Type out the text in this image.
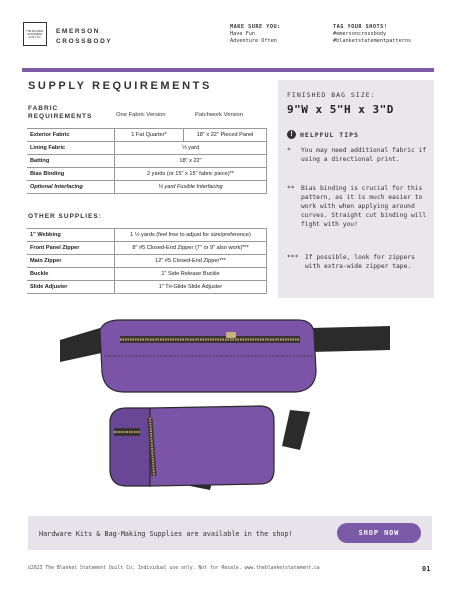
THE BLANKET STATEMENT QUILT CO.
EMERSON
CROSSBODY
MAKE SURE YOU:
Have Fun
Adventure Often
TAG YOUR SHOTS!
#emersoncrossbody
#blanketstatementpatterns
SUPPLY REQUIREMENTS
FABRIC
REQUIREMENTS	One Fabric Version	Patchwork Version
Exterior Fabric	1 Fat Quarter*	18" x 22" Pieced Panel
Lining Fabric	⅓ yard	
Batting	18" x 22"	
Bias Binding	2 yards (or 15" x 15" fabric piece)**	
Optional Interfacing	¼ yard Fusible Interfacing	
OTHER SUPPLIES:
1" Webbing	1 ½ yards (feel free to adjust for size/preference)
Front Panel Zipper	8" #5 Closed-End Zipper (7" or 9" also work)***
Main Zipper	12" #5 Closed-End Zipper***
Buckle	1" Side Release Buckle
Slide Adjuster	1" Tri-Glide Slide Adjuster
FINISHED BAG SIZE:
9"W x 5"H x 3"D
!	HELPFUL TIPS
*	You may need additional fabric if using a directional print.
**	Bias binding is crucial for this pattern, as it is much easier to work with when applying around curves. Straight cut binding will fight with you!
***	If possible, look for zippers with extra-wide zipper tape.
Hardware Kits & Bag-Making Supplies are available in the shop!	SHOP NOW
©2023 The Blanket Statement Quilt Co. Individual use only. Not for Resale. www.theblanketstatement.ca	01
